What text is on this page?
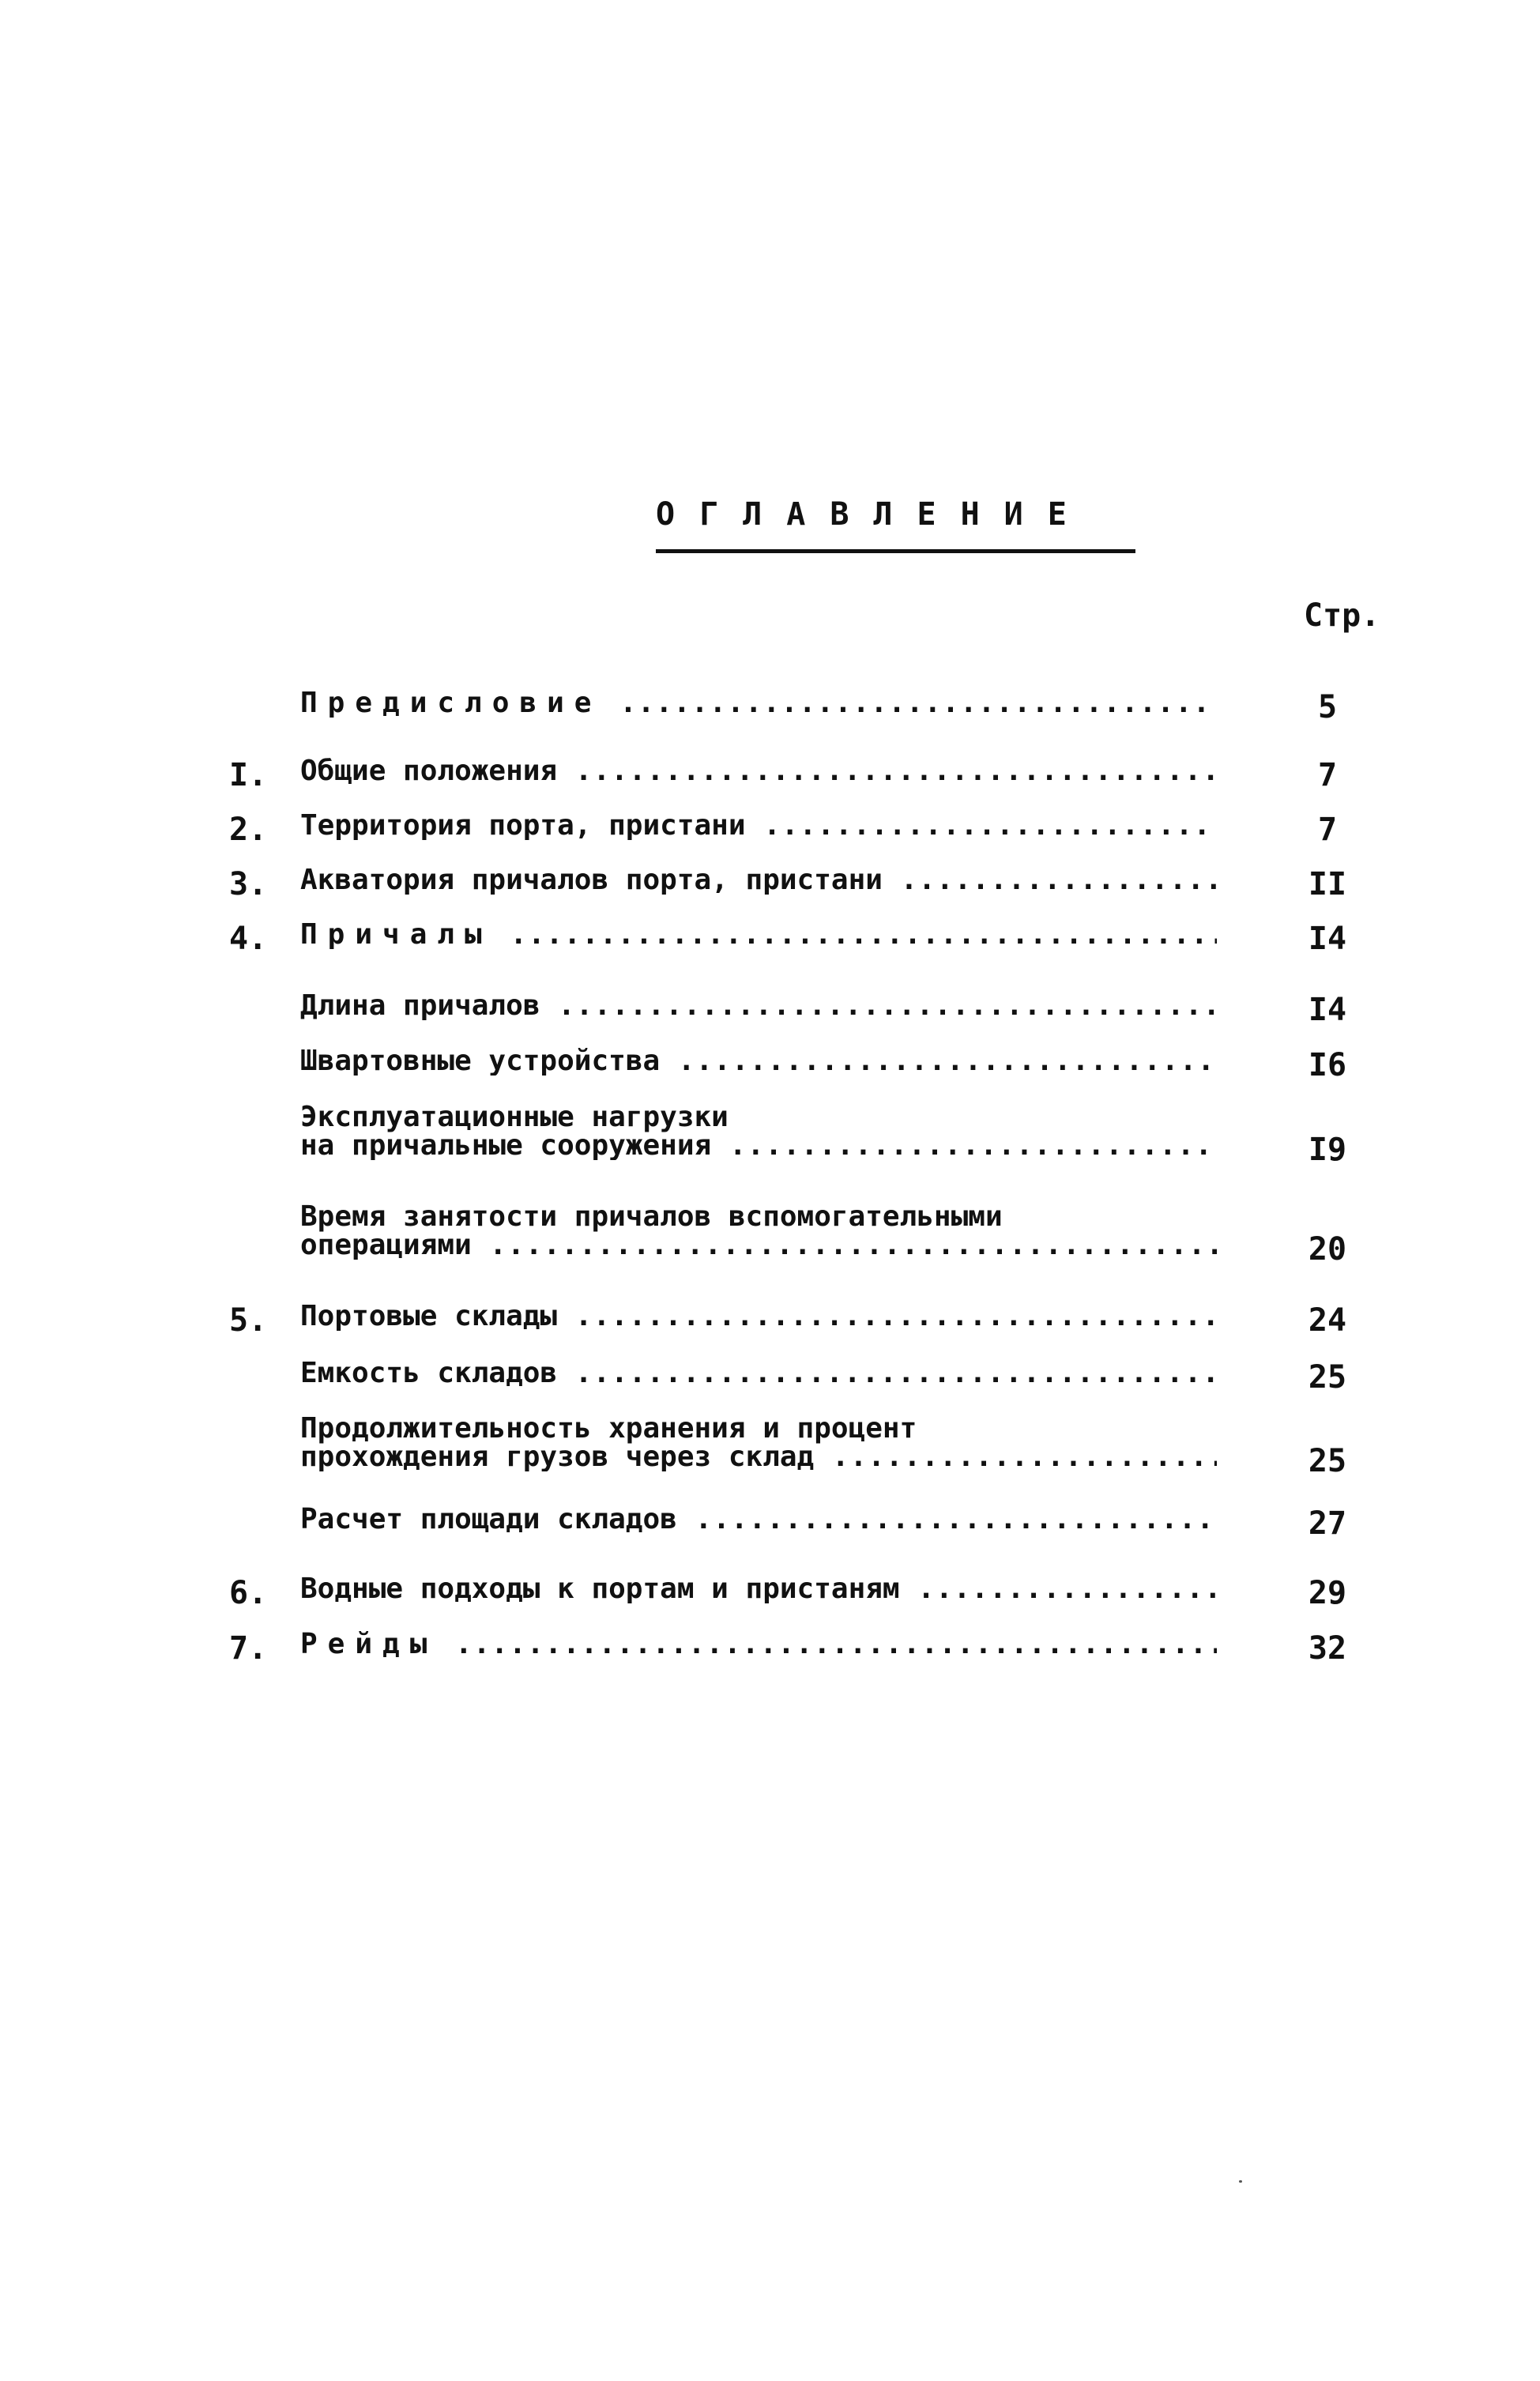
ОГЛАВЛЕНИЕ
Стр.
Предисловие .....	5
I. Общие положения .....	7
2. Территория порта, пристани .....	7
3. Акватория причалов порта, пристани .....	II
4. Причалы .....	I4
Длина причалов .....	I4
Швартовные устройства .....	I6
Эксплуатационные нагрузки
на причальные сооружения .....	I9
Время занятости причалов вспомогательными
операциями .....	20
5. Портовые склады .....	24
Емкость складов .....	25
Продолжительность хранения и процент
прохождения грузов через склад .....	25
Расчет площади складов .....	27
6. Водные подходы к портам и пристаням .....	29
7. Рейды .....	32
